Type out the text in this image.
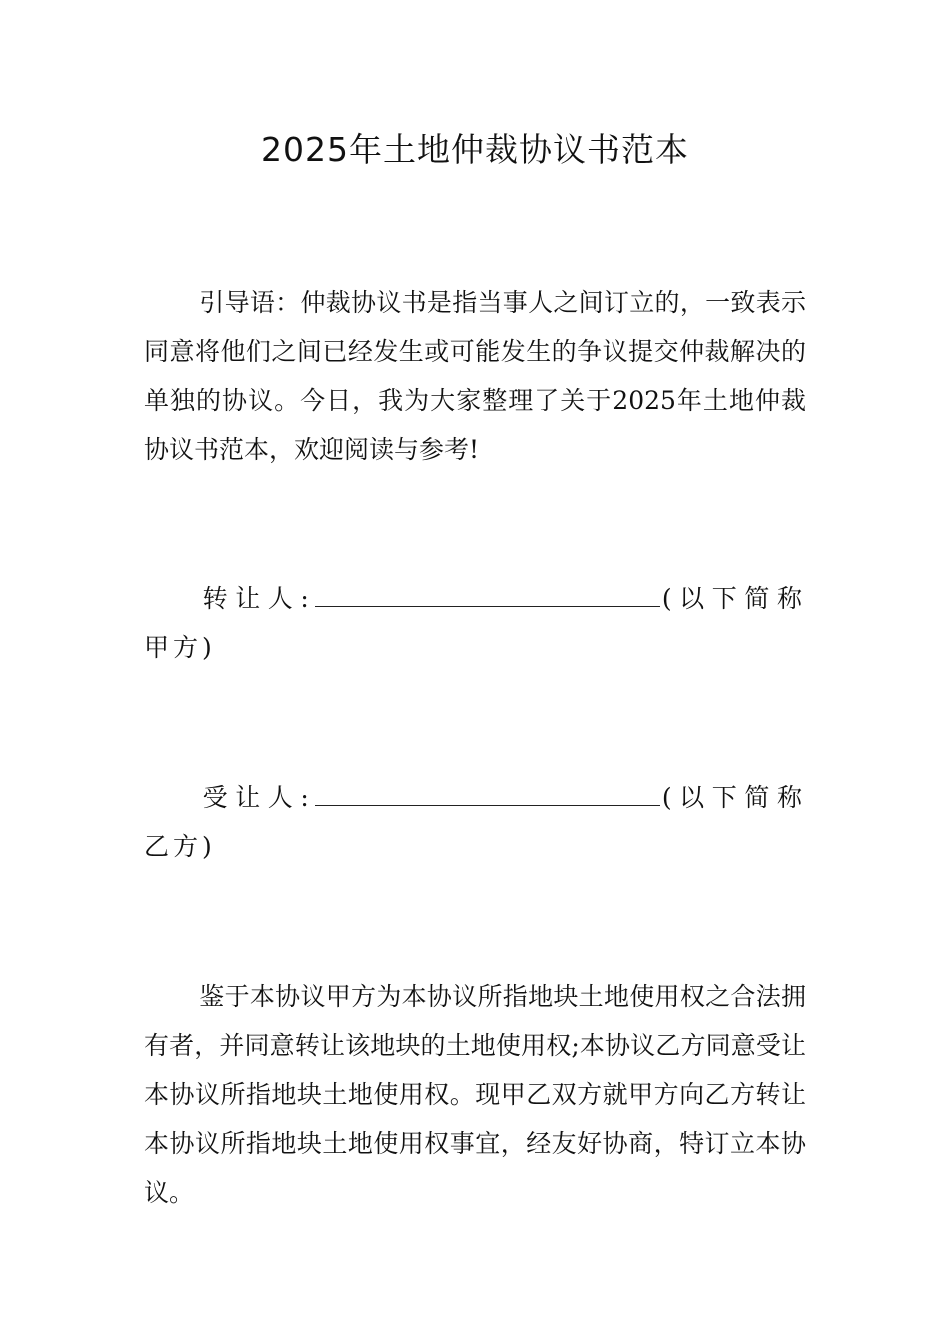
2025年土地仲裁协议书范本

引导语：仲裁协议书是指当事人之间订立的，一致表示同意将他们之间已经发生或可能发生的争议提交仲裁解决的单独的协议。今日，我为大家整理了关于2025年土地仲裁协议书范本，欢迎阅读与参考!

转让人:	(以下简称甲方)

受让人:	(以下简称乙方)

鉴于本协议甲方为本协议所指地块土地使用权之合法拥有者，并同意转让该地块的土地使用权;本协议乙方同意受让本协议所指地块土地使用权。现甲乙双方就甲方向乙方转让本协议所指地块土地使用权事宜，经友好协商，特订立本协议。
